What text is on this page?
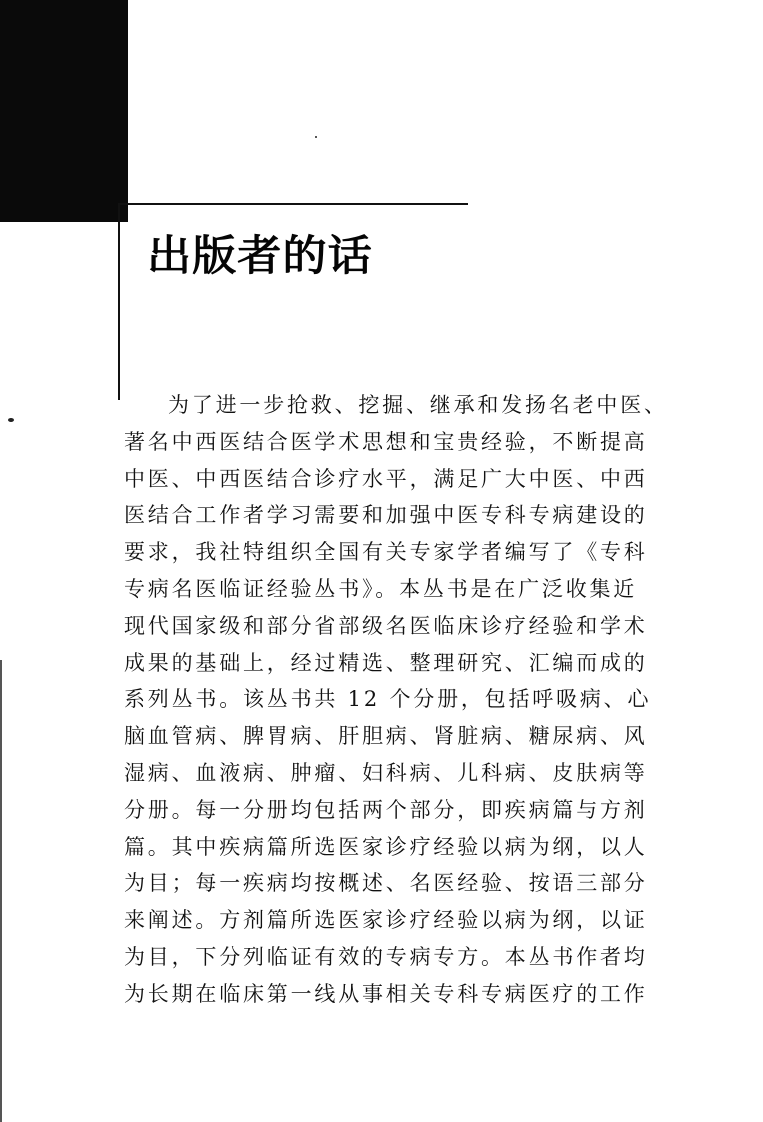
出版者的话
为了进一步抢救、挖掘、继承和发扬名老中医、
著名中西医结合医学术思想和宝贵经验，不断提高
中医、中西医结合诊疗水平，满足广大中医、中西
医结合工作者学习需要和加强中医专科专病建设的
要求，我社特组织全国有关专家学者编写了《专科
专病名医临证经验丛书》。本丛书是在广泛收集近
现代国家级和部分省部级名医临床诊疗经验和学术
成果的基础上，经过精选、整理研究、汇编而成的
系列丛书。该丛书共 12 个分册，包括呼吸病、心
脑血管病、脾胃病、肝胆病、肾脏病、糖尿病、风
湿病、血液病、肿瘤、妇科病、儿科病、皮肤病等
分册。每一分册均包括两个部分，即疾病篇与方剂
篇。其中疾病篇所选医家诊疗经验以病为纲，以人
为目；每一疾病均按概述、名医经验、按语三部分
来阐述。方剂篇所选医家诊疗经验以病为纲，以证
为目，下分列临证有效的专病专方。本丛书作者均
为长期在临床第一线从事相关专科专病医疗的工作
